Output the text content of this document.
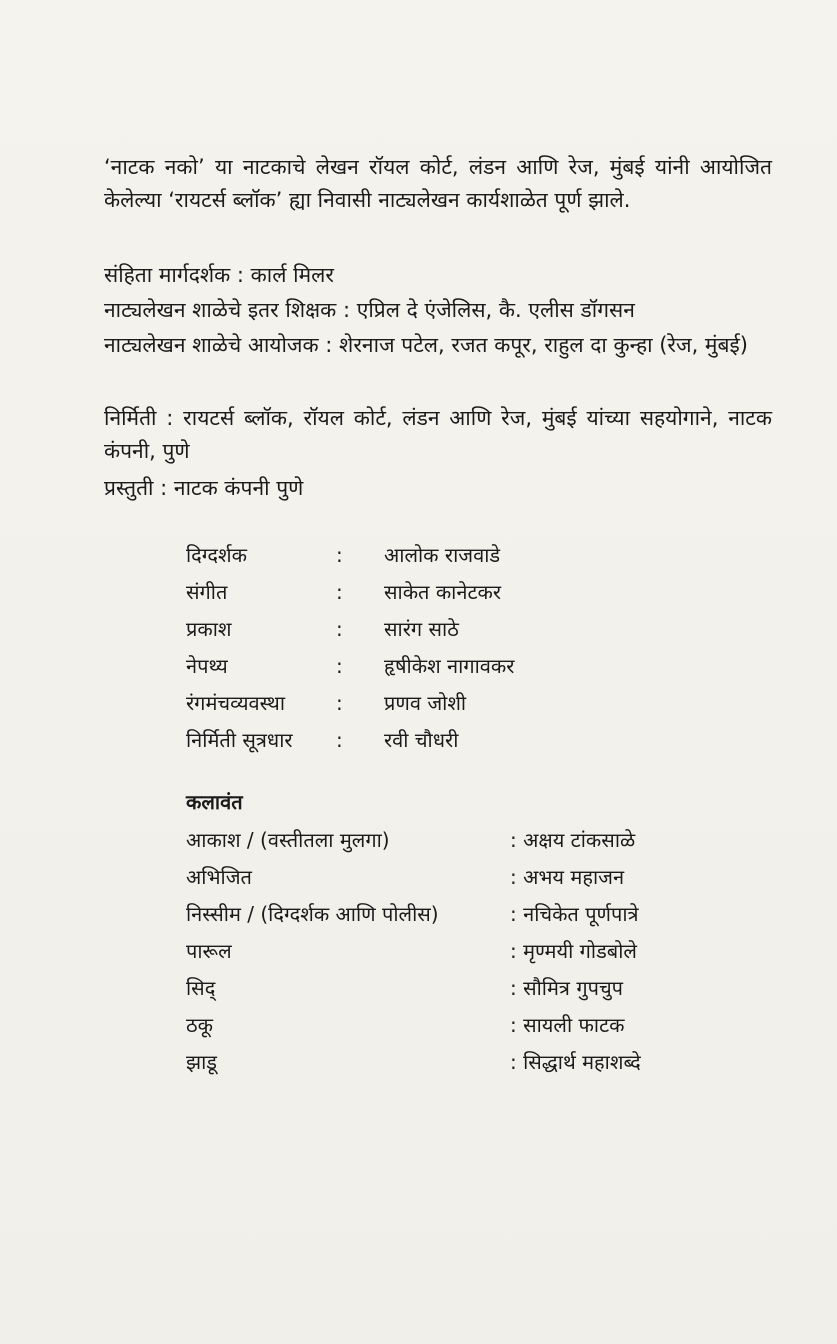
‘नाटक नको’ या नाटकाचे लेखन रॉयल कोर्ट, लंडन आणि रेज, मुंबई यांनी आयोजित केलेल्या ‘रायटर्स ब्लॉक’ ह्या निवासी नाट्यलेखन कार्यशाळेत पूर्ण झाले.

संहिता मार्गदर्शक : कार्ल मिलर

नाट्यलेखन शाळेचे इतर शिक्षक : एप्रिल दे एंजेलिस, कै. एलीस डॉगसन

नाट्यलेखन शाळेचे आयोजक : शेरनाज पटेल, रजत कपूर, राहुल दा कुन्हा (रेज, मुंबई)

निर्मिती : रायटर्स ब्लॉक, रॉयल कोर्ट, लंडन आणि रेज, मुंबई यांच्या सहयोगाने, नाटक कंपनी, पुणे

प्रस्तुती : नाटक कंपनी पुणे

दिग्दर्शक	:	आलोक राजवाडे
संगीत	:	साकेत कानेटकर
प्रकाश	:	सारंग साठे
नेपथ्य	:	हृषीकेश नागावकर
रंगमंचव्यवस्था	:	प्रणव जोशी
निर्मिती सूत्रधार	:	रवी चौधरी

कलावंत

आकाश / (वस्तीतला मुलगा)	: अक्षय टांकसाळे
अभिजित	: अभय महाजन
निस्सीम / (दिग्दर्शक आणि पोलीस)	: नचिकेत पूर्णपात्रे
पारूल	: मृण्मयी गोडबोले
सिद्	: सौमित्र गुपचुप
ठकू	: सायली फाटक
झाडू	: सिद्धार्थ महाशब्दे
